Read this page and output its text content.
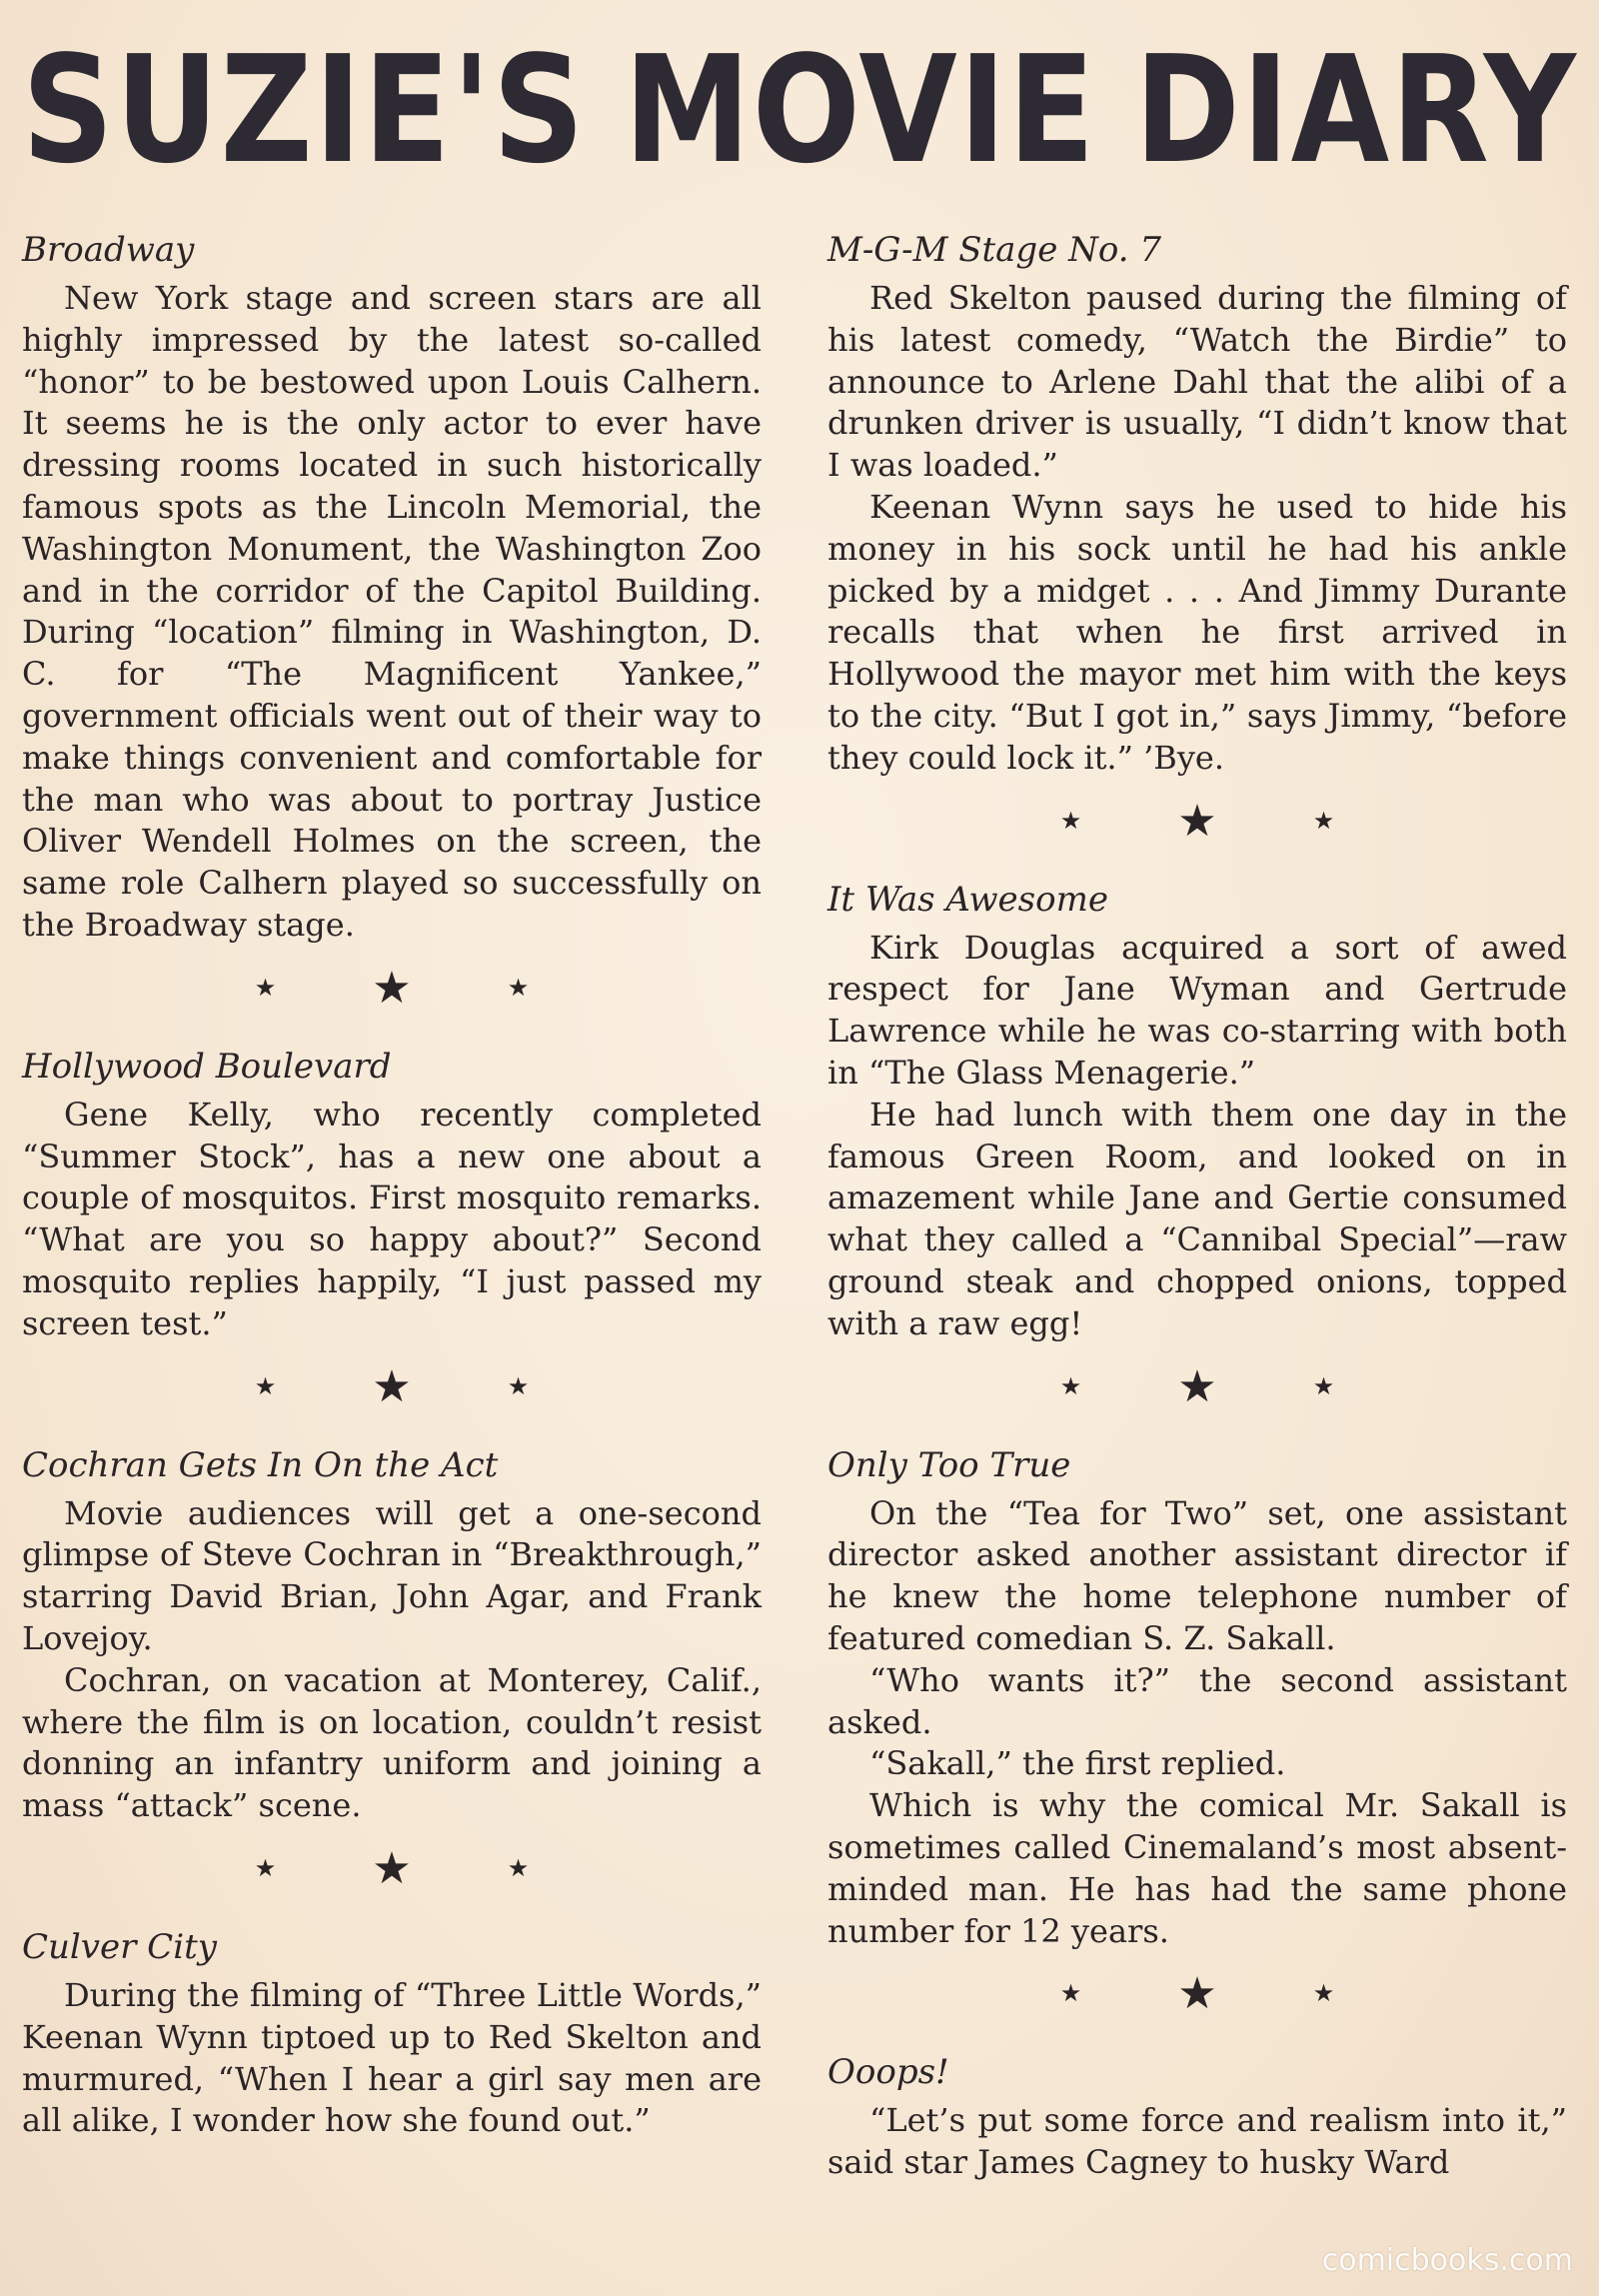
SUZIE'S MOVIE DIARY

Broadway

New York stage and screen stars are all highly impressed by the latest so-called “honor” to be bestowed upon Louis Calhern. It seems he is the only actor to ever have dressing rooms located in such historically famous spots as the Lincoln Memorial, the Washington Monument, the Washington Zoo and in the corridor of the Capitol Building. During “location” filming in Washington, D. C. for “The Magnificent Yankee,” government officials went out of their way to make things convenient and comfortable for the man who was about to portray Justice Oliver Wendell Holmes on the screen, the same role Calhern played so successfully on the Broadway stage.

★ ★	★

Hollywood Boulevard

Gene Kelly, who recently completed “Summer Stock”, has a new one about a couple of mosquitos. First mosquito remarks. “What are you so happy about?” Second mosquito replies happily, “I just passed my screen test.”

★ ★	★

Cochran Gets In On the Act

Movie audiences will get a one-second glimpse of Steve Cochran in “Breakthrough,” starring David Brian, John Agar, and Frank Lovejoy.

Cochran, on vacation at Monterey, Calif., where the film is on location, couldn’t resist donning an infantry uniform and joining a mass “attack” scene.

★ ★	★

Culver City

During the filming of “Three Little Words,” Keenan Wynn tiptoed up to Red Skelton and murmured, “When I hear a girl say men are all alike, I wonder how she found out.”

M-G-M Stage No. 7

Red Skelton paused during the filming of his latest comedy, “Watch the Birdie” to announce to Arlene Dahl that the alibi of a drunken driver is usually, “I didn’t know that I was loaded.”

Keenan Wynn says he used to hide his money in his sock until he had his ankle picked by a midget . . . And Jimmy Durante recalls that when he first arrived in Hollywood the mayor met him with the keys to the city. “But I got in,” says Jimmy, “before they could lock it.” ’Bye.

★ ★	★

It Was Awesome

Kirk Douglas acquired a sort of awed respect for Jane Wyman and Gertrude Lawrence while he was co-starring with both in “The Glass Menagerie.”

He had lunch with them one day in the famous Green Room, and looked on in amazement while Jane and Gertie consumed what they called a “Cannibal Special”—raw ground steak and chopped onions, topped with a raw egg!

★ ★	★

Only Too True

On the “Tea for Two” set, one assistant director asked another assistant director if he knew the home telephone number of featured comedian S. Z. Sakall.

“Who wants it?” the second assistant asked.

“Sakall,” the first replied.

Which is why the comical Mr. Sakall is sometimes called Cinemaland’s most absent-minded man. He has had the same phone number for 12 years.

★ ★	★

Ooops!

“Let’s put some force and realism into it,” said star James Cagney to husky Ward

comicbooks.com
